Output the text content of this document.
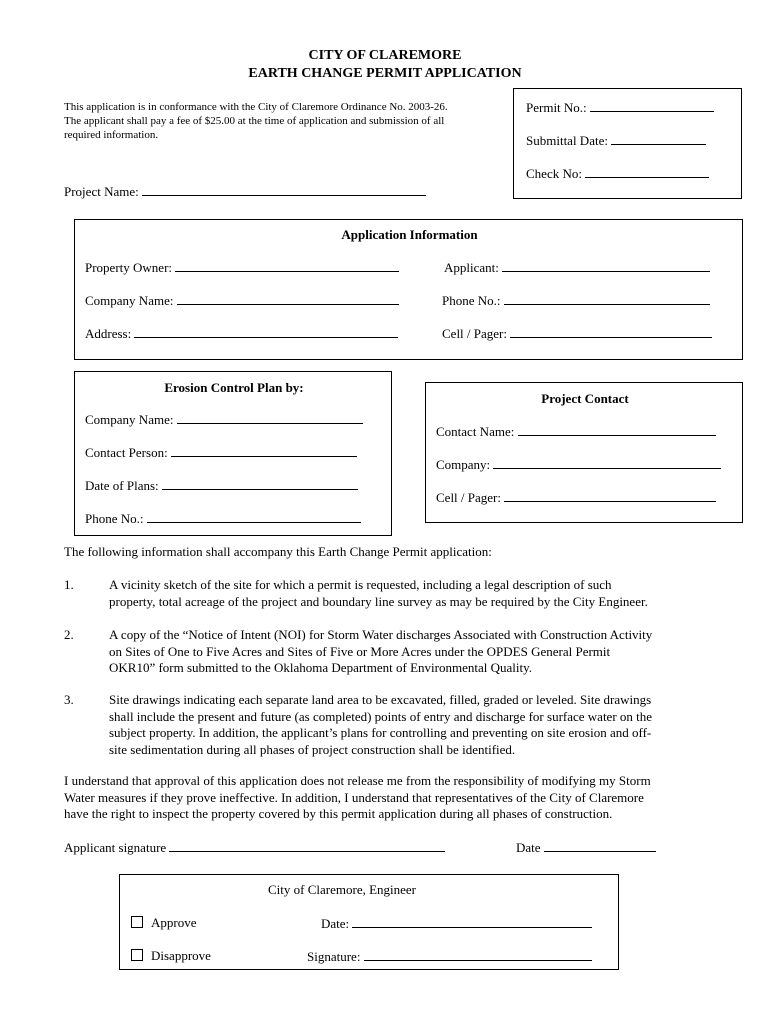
CITY OF CLAREMORE
EARTH CHANGE PERMIT APPLICATION
This application is in conformance with the City of Claremore Ordinance No. 2003-26.
The applicant shall pay a fee of $25.00 at the time of application and submission of all
required information.
Permit No.:
Submittal Date:
Check No:
Project Name:
Application Information
Property Owner:	Applicant:
Company Name:	Phone No.:
Address:	Cell / Pager:
Erosion Control Plan by:
Company Name:
Contact Person:
Date of Plans:
Phone No.:
Project Contact
Contact Name:
Company:
Cell / Pager:
The following information shall accompany this Earth Change Permit application:
1.	A vicinity sketch of the site for which a permit is requested, including a legal description of such
property, total acreage of the project and boundary line survey as may be required by the City Engineer.
2.	A copy of the “Notice of Intent (NOI) for Storm Water discharges Associated with Construction Activity
on Sites of One to Five Acres and Sites of Five or More Acres under the OPDES General Permit
OKR10” form submitted to the Oklahoma Department of Environmental Quality.
3.	Site drawings indicating each separate land area to be excavated, filled, graded or leveled. Site drawings
shall include the present and future (as completed) points of entry and discharge for surface water on the
subject property. In addition, the applicant’s plans for controlling and preventing on site erosion and off-
site sedimentation during all phases of project construction shall be identified.
I understand that approval of this application does not release me from the responsibility of modifying my Storm
Water measures if they prove ineffective. In addition, I understand that representatives of the City of Claremore
have the right to inspect the property covered by this permit application during all phases of construction.
Applicant signature	Date
City of Claremore, Engineer
Approve
Disapprove
Date:
Signature:
